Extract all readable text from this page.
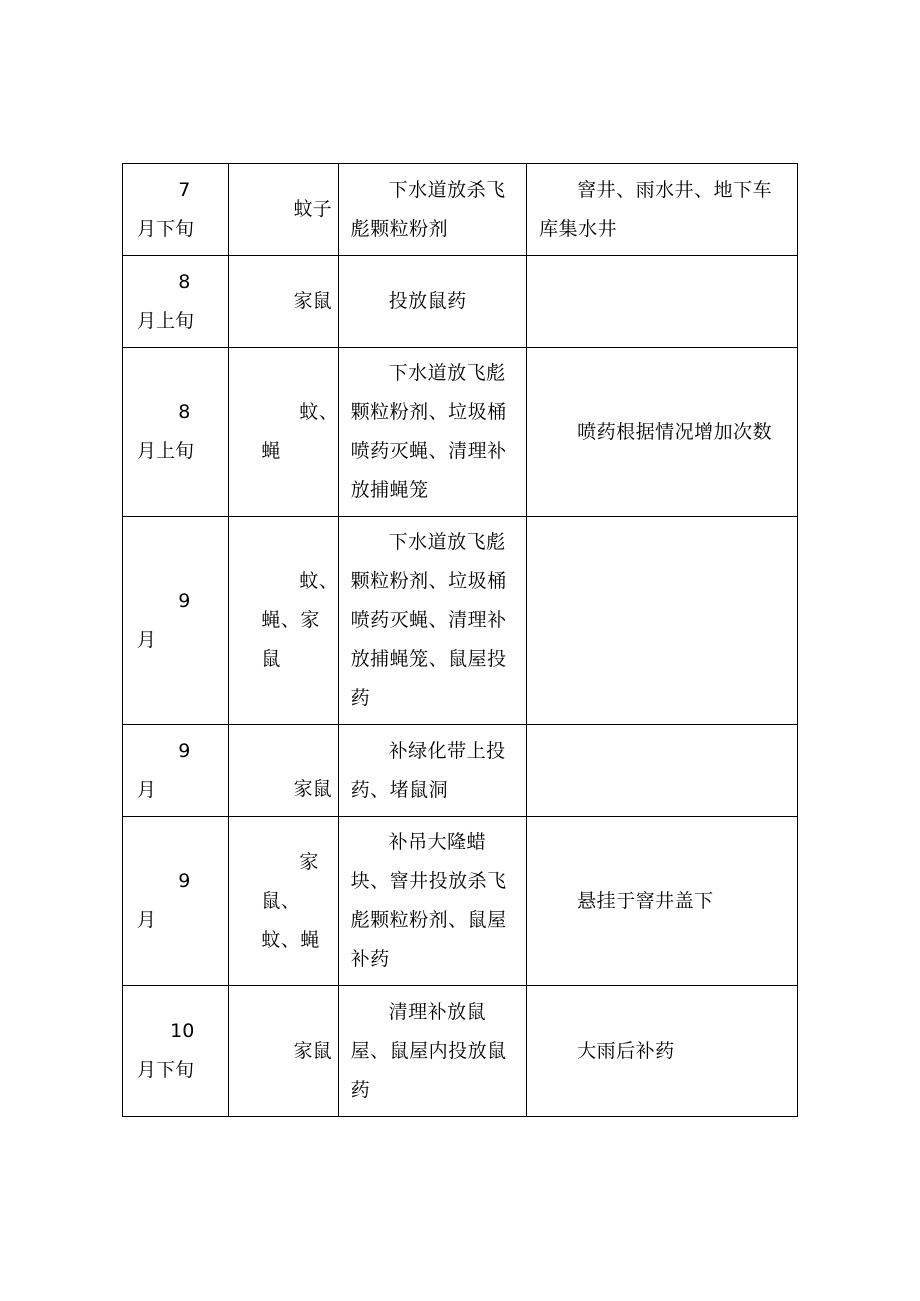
7
月下旬	蚊子	下水道放杀飞彪颗粒粉剂	窨井、雨水井、地下车库集水井

8
月上旬	家鼠	投放鼠药	

8
月上旬	蚊、蝇	下水道放飞彪颗粒粉剂、垃圾桶喷药灭蝇、清理补放捕蝇笼	喷药根据情况增加次数

9
月	蚊、蝇、家鼠	下水道放飞彪颗粒粉剂、垃圾桶喷药灭蝇、清理补放捕蝇笼、鼠屋投药	

9
月	家鼠	补绿化带上投药、堵鼠洞	

9
月	家鼠、蚊、蝇	补吊大隆蜡块、窨井投放杀飞彪颗粒粉剂、鼠屋补药	悬挂于窨井盖下

10
月下旬	家鼠	清理补放鼠屋、鼠屋内投放鼠药	大雨后补药
